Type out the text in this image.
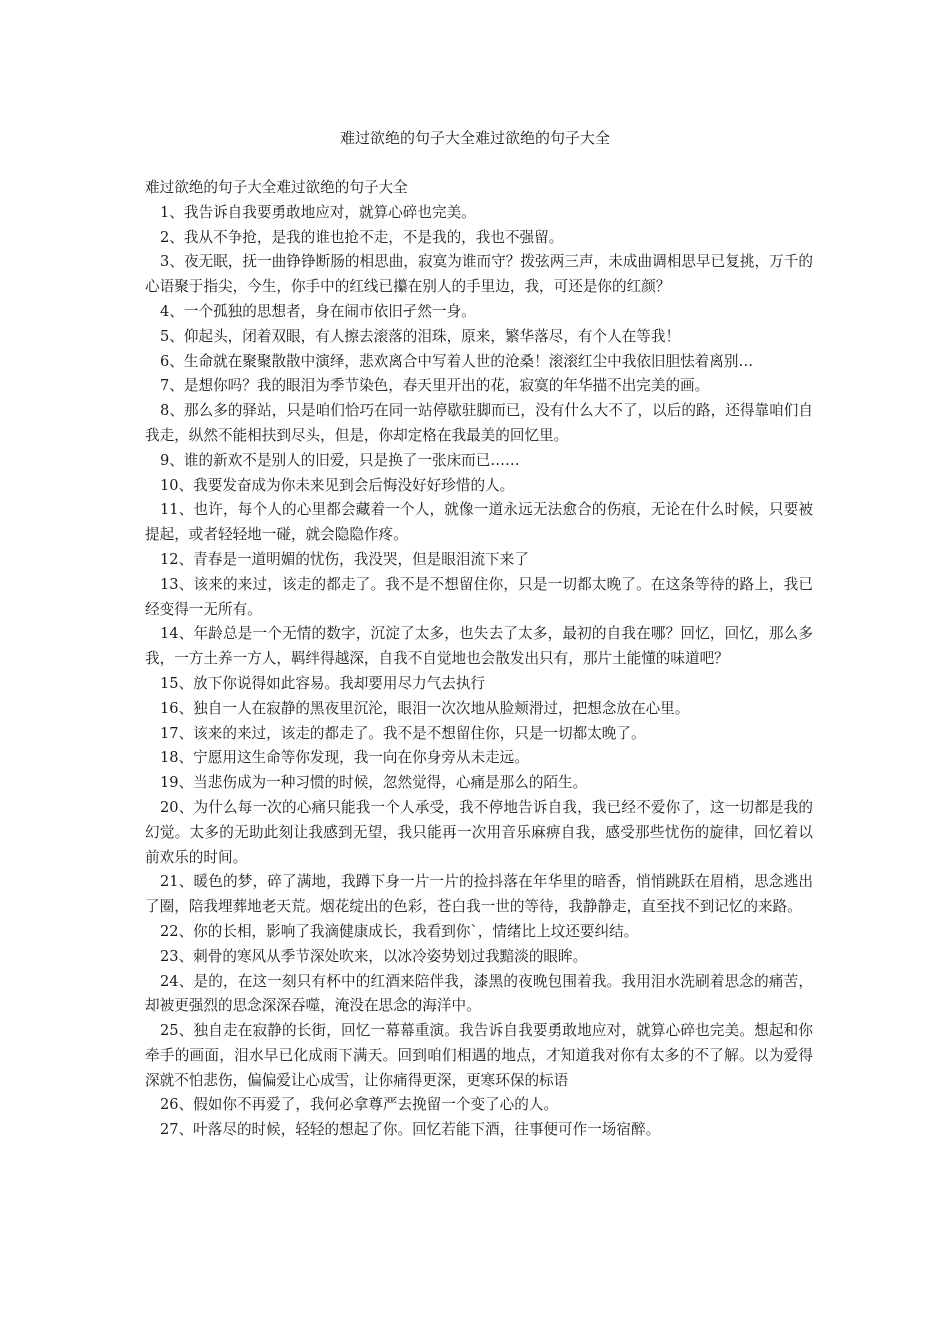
难过欲绝的句子大全难过欲绝的句子大全

难过欲绝的句子大全难过欲绝的句子大全

1、我告诉自我要勇敢地应对，就算心碎也完美。

2、我从不争抢，是我的谁也抢不走，不是我的，我也不强留。

3、夜无眠，抚一曲铮铮断肠的相思曲，寂寞为谁而守？拨弦两三声，未成曲调相思早已复挑，万千的心语聚于指尖，今生，你手中的红线已攥在别人的手里边，我，可还是你的红颜？

4、一个孤独的思想者，身在闹市依旧孑然一身。

5、仰起头，闭着双眼，有人擦去滚落的泪珠，原来，繁华落尽，有个人在等我！

6、生命就在聚聚散散中演绎，悲欢离合中写着人世的沧桑！滚滚红尘中我依旧胆怯着离别…

7、是想你吗？我的眼泪为季节染色，春天里开出的花，寂寞的年华描不出完美的画。

8、那么多的驿站，只是咱们恰巧在同一站停歇驻脚而已，没有什么大不了，以后的路，还得靠咱们自我走，纵然不能相扶到尽头，但是，你却定格在我最美的回忆里。

9、谁的新欢不是别人的旧爱，只是换了一张床而已……

10、我要发奋成为你未来见到会后悔没好好珍惜的人。

11、也许，每个人的心里都会藏着一个人，就像一道永远无法愈合的伤痕，无论在什么时候，只要被提起，或者轻轻地一碰，就会隐隐作疼。

12、青春是一道明媚的忧伤，我没哭，但是眼泪流下来了

13、该来的来过，该走的都走了。我不是不想留住你，只是一切都太晚了。在这条等待的路上，我已经变得一无所有。

14、年龄总是一个无情的数字，沉淀了太多，也失去了太多，最初的自我在哪？回忆，回忆，那么多我，一方土养一方人，羁绊得越深，自我不自觉地也会散发出只有，那片土能懂的味道吧？

15、放下你说得如此容易。我却要用尽力气去执行

16、独自一人在寂静的黑夜里沉沦，眼泪一次次地从脸颊滑过，把想念放在心里。

17、该来的来过，该走的都走了。我不是不想留住你，只是一切都太晚了。

18、宁愿用这生命等你发现，我一向在你身旁从未走远。

19、当悲伤成为一种习惯的时候，忽然觉得，心痛是那么的陌生。

20、为什么每一次的心痛只能我一个人承受，我不停地告诉自我，我已经不爱你了，这一切都是我的幻觉。太多的无助此刻让我感到无望，我只能再一次用音乐麻痹自我，感受那些忧伤的旋律，回忆着以前欢乐的时间。

21、暖色的梦，碎了满地，我蹲下身一片一片的捡抖落在年华里的暗香，悄悄跳跃在眉梢，思念逃出了圈，陪我埋葬地老天荒。烟花绽出的色彩，苍白我一世的等待，我静静走，直至找不到记忆的来路。

22、你的长相，影响了我滴健康成长，我看到你`，情绪比上坟还要纠结。

23、刺骨的寒风从季节深处吹来，以冰冷姿势划过我黯淡的眼眸。

24、是的，在这一刻只有杯中的红酒来陪伴我，漆黑的夜晚包围着我。我用泪水洗刷着思念的痛苦，却被更强烈的思念深深吞噬，淹没在思念的海洋中。

25、独自走在寂静的长街，回忆一幕幕重演。我告诉自我要勇敢地应对，就算心碎也完美。想起和你牵手的画面，泪水早已化成雨下满天。回到咱们相遇的地点，才知道我对你有太多的不了解。以为爱得深就不怕悲伤，偏偏爱让心成雪，让你痛得更深，更寒环保的标语

26、假如你不再爱了，我何必拿尊严去挽留一个变了心的人。

27、叶落尽的时候，轻轻的想起了你。回忆若能下酒，往事便可作一场宿醉。
